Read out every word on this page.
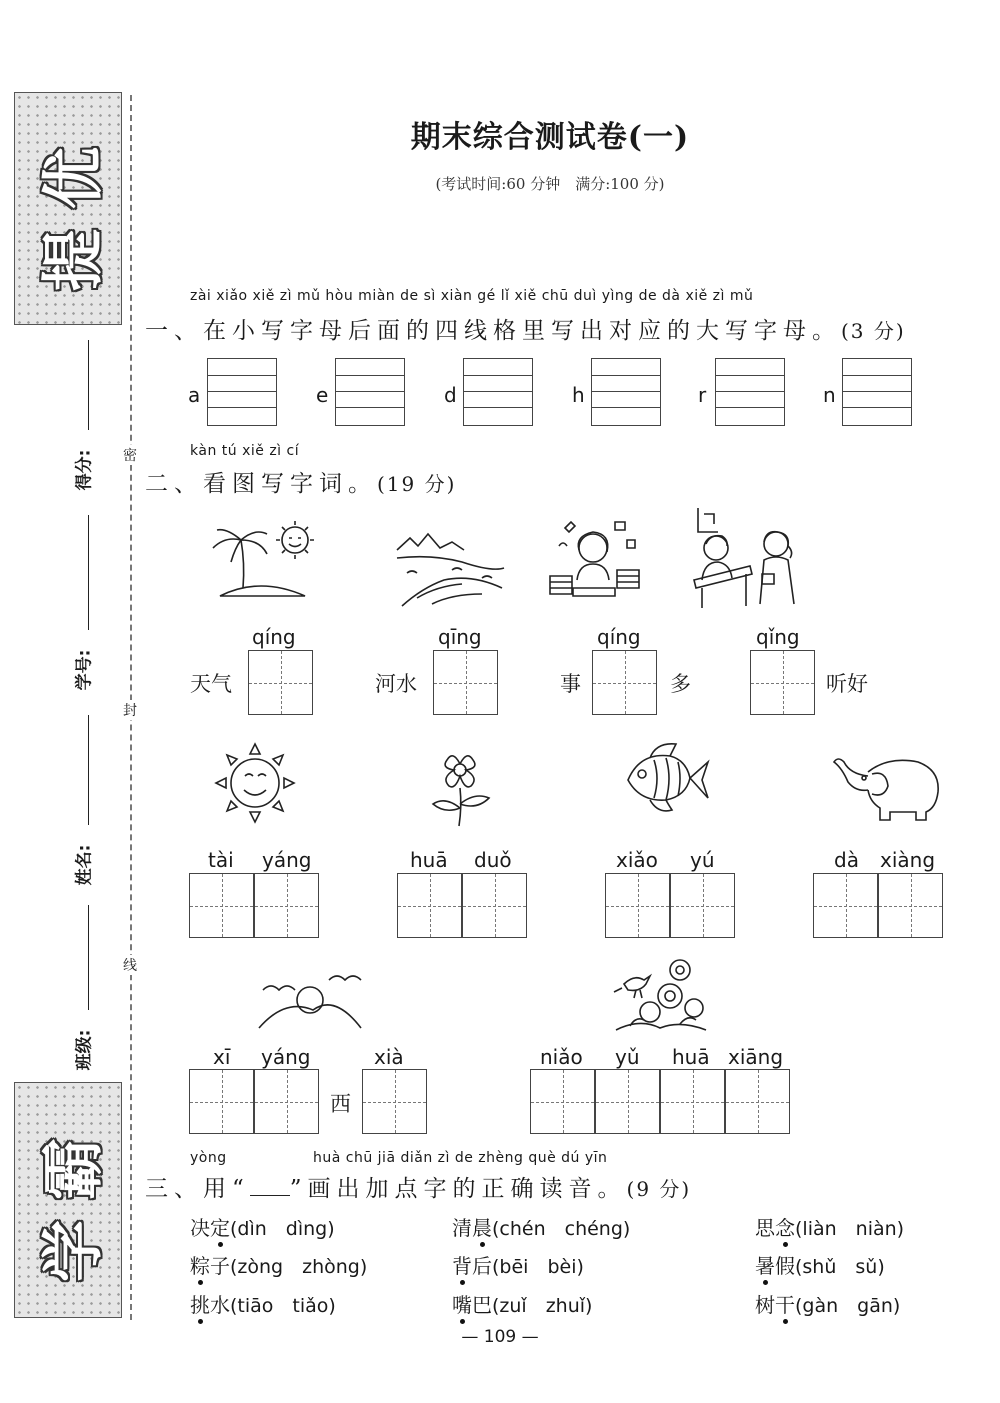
提优
学霸
密
封
线
得分:
学号:
姓名:
班级:
期末综合测试卷(一)
(考试时间:60 分钟　满分:100 分)
zài xiǎo xiě zì mǔ hòu miàn de sì xiàn gé lǐ xiě chū duì yìng de dà xiě zì mǔ
一、在小写字母后面的四线格里写出对应的大写字母。(3 分)
a	e	d	h	r	n
kàn tú xiě zì cí
二、看图写字词。(19 分)
qíng
天气
qīng
河水
qíng
事	多
qǐng
听好
tài yáng	huā duǒ	xiǎo yú	dà xiàng
xī yáng
西
xià	niǎo yǔ huā xiāng
yòng	huà chū jiā diǎn zì de zhèng què dú yīn
三、用“ ”画出加点字的正确读音。(9 分)
决定(dìn　dìng)	清晨(chén　chéng)	思念(liàn　niàn)
粽子(zòng　zhòng)	背后(bēi　bèi)	暑假(shǔ　sǔ)
挑水(tiāo　tiǎo)	嘴巴(zuǐ　zhuǐ)	树干(gàn　gān)
— 109 —
